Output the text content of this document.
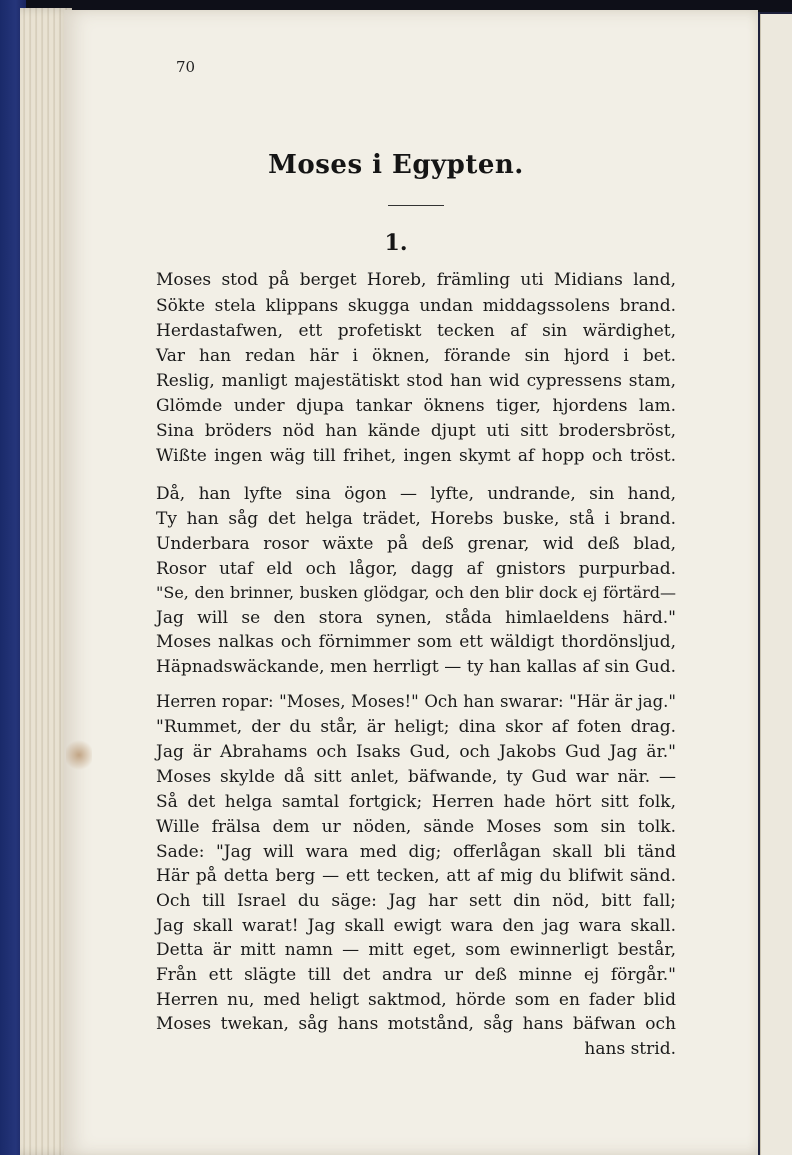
70
Moses i Egypten.
1.
Moses stod på berget Horeb, främling uti Midians land,
Sökte stela klippans skugga undan middagssolens brand.
Herdastafwen, ett profetiskt tecken af sin wärdighet,
Var han redan här i öknen, förande sin hjord i bet.
Reslig, manligt majestätiskt stod han wid cypressens stam,
Glömde under djupa tankar öknens tiger, hjordens lam.
Sina bröders nöd han kände djupt uti sitt brodersbröst,
Wißte ingen wäg till frihet, ingen skymt af hopp och tröst.
Då, han lyfte sina ögon — lyfte, undrande, sin hand,
Ty han såg det helga trädet, Horebs buske, stå i brand.
Underbara rosor wäxte på deß grenar, wid deß blad,
Rosor utaf eld och lågor, dagg af gnistors purpurbad.
"Se, den brinner, busken glödgar, och den blir dock ej förtärd—
Jag will se den stora synen, ståda himlaeldens härd."
Moses nalkas och förnimmer som ett wäldigt thordönsljud,
Häpnadswäckande, men herrligt — ty han kallas af sin Gud.
Herren ropar: "Moses, Moses!" Och han swarar: "Här är jag."
"Rummet, der du står, är heligt; dina skor af foten drag.
Jag är Abrahams och Isaks Gud, och Jakobs Gud Jag är."
Moses skylde då sitt anlet, bäfwande, ty Gud war när. —
Så det helga samtal fortgick; Herren hade hört sitt folk,
Wille frälsa dem ur nöden, sände Moses som sin tolk.
Sade: "Jag will wara med dig; offerlågan skall bli tänd
Här på detta berg — ett tecken, att af mig du blifwit sänd.
Och till Israel du säge: Jag har sett din nöd, bitt fall;
Jag skall warat! Jag skall ewigt wara den jag wara skall.
Detta är mitt namn — mitt eget, som ewinnerligt består,
Från ett slägte till det andra ur deß minne ej förgår."
Herren nu, med heligt saktmod, hörde som en fader blid
Moses twekan, såg hans motstånd, såg hans bäfwan och
hans strid.
